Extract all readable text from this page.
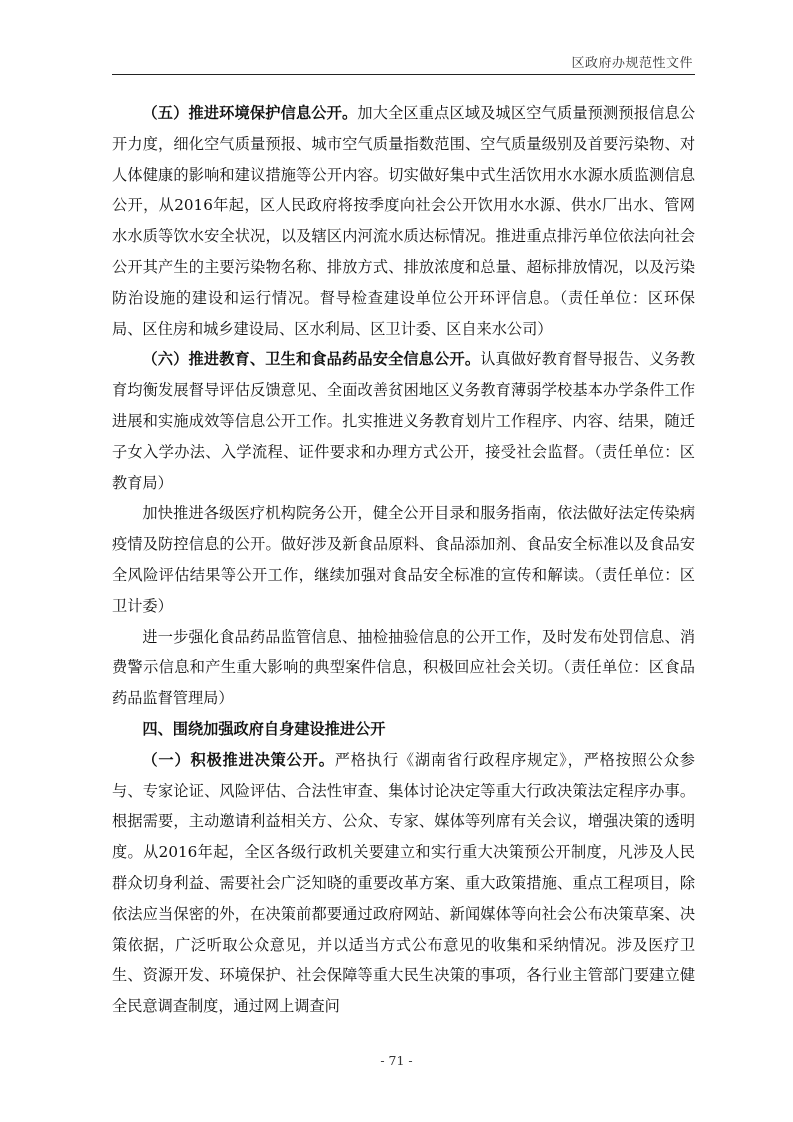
区政府办规范性文件

（五）推进环境保护信息公开。加大全区重点区域及城区空气质量预测预报信息公开力度，细化空气质量预报、城市空气质量指数范围、空气质量级别及首要污染物、对人体健康的影响和建议措施等公开内容。切实做好集中式生活饮用水水源水质监测信息公开，从2016年起，区人民政府将按季度向社会公开饮用水水源、供水厂出水、管网水水质等饮水安全状况，以及辖区内河流水质达标情况。推进重点排污单位依法向社会公开其产生的主要污染物名称、排放方式、排放浓度和总量、超标排放情况，以及污染防治设施的建设和运行情况。督导检查建设单位公开环评信息。（责任单位：区环保局、区住房和城乡建设局、区水利局、区卫计委、区自来水公司）

（六）推进教育、卫生和食品药品安全信息公开。认真做好教育督导报告、义务教育均衡发展督导评估反馈意见、全面改善贫困地区义务教育薄弱学校基本办学条件工作进展和实施成效等信息公开工作。扎实推进义务教育划片工作程序、内容、结果，随迁子女入学办法、入学流程、证件要求和办理方式公开，接受社会监督。（责任单位：区教育局）

加快推进各级医疗机构院务公开，健全公开目录和服务指南，依法做好法定传染病疫情及防控信息的公开。做好涉及新食品原料、食品添加剂、食品安全标准以及食品安全风险评估结果等公开工作，继续加强对食品安全标准的宣传和解读。（责任单位：区卫计委）

进一步强化食品药品监管信息、抽检抽验信息的公开工作，及时发布处罚信息、消费警示信息和产生重大影响的典型案件信息，积极回应社会关切。（责任单位：区食品药品监督管理局）

四、围绕加强政府自身建设推进公开

（一）积极推进决策公开。严格执行《湖南省行政程序规定》，严格按照公众参与、专家论证、风险评估、合法性审查、集体讨论决定等重大行政决策法定程序办事。根据需要，主动邀请利益相关方、公众、专家、媒体等列席有关会议，增强决策的透明度。从2016年起，全区各级行政机关要建立和实行重大决策预公开制度，凡涉及人民群众切身利益、需要社会广泛知晓的重要改革方案、重大政策措施、重点工程项目，除依法应当保密的外，在决策前都要通过政府网站、新闻媒体等向社会公布决策草案、决策依据，广泛听取公众意见，并以适当方式公布意见的收集和采纳情况。涉及医疗卫生、资源开发、环境保护、社会保障等重大民生决策的事项，各行业主管部门要建立健全民意调查制度，通过网上调查问

- 71 -
